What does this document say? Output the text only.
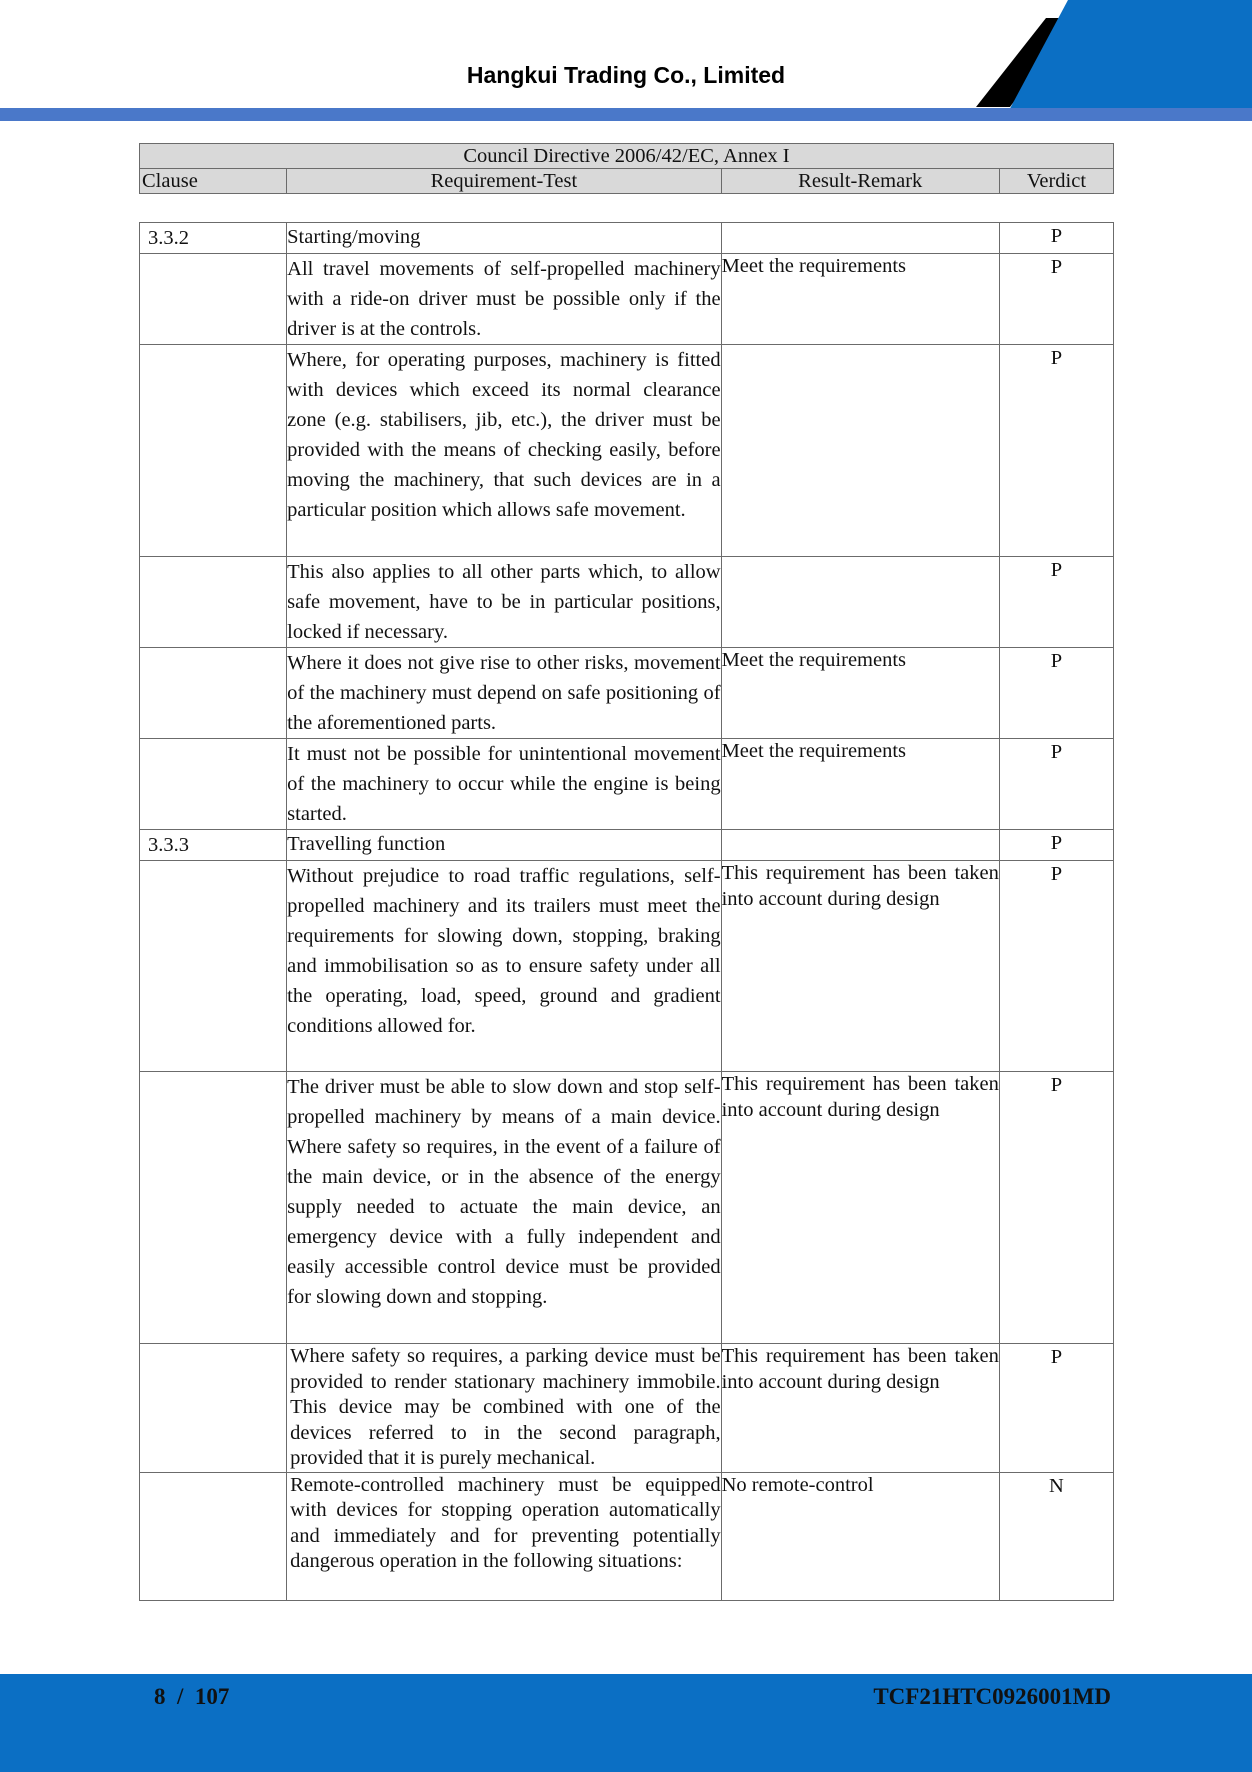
Hangkui Trading Co., Limited
Council Directive 2006/42/EC, Annex I
Clause	Requirement-Test	Result-Remark	Verdict
3.3.2	Starting/moving		P
	All travel movements of self-propelled machinery with a ride-on driver must be possible only if the driver is at the controls.	Meet the requirements	P
	Where, for operating purposes, machinery is fitted with devices which exceed its normal clearance zone (e.g. stabilisers, jib, etc.), the driver must be provided with the means of checking easily, before moving the machinery, that such devices are in a particular position which allows safe movement.		P
	This also applies to all other parts which, to allow safe movement, have to be in particular positions, locked if necessary.		P
	Where it does not give rise to other risks, movement of the machinery must depend on safe positioning of the aforementioned parts.	Meet the requirements	P
	It must not be possible for unintentional movement of the machinery to occur while the engine is being started.	Meet the requirements	P
3.3.3	Travelling function		P
	Without prejudice to road traffic regulations, self-propelled machinery and its trailers must meet the requirements for slowing down, stopping, braking and immobilisation so as to ensure safety under all the operating, load, speed, ground and gradient conditions allowed for.	This requirement has been taken into account during design	P
	The driver must be able to slow down and stop self-propelled machinery by means of a main device. Where safety so requires, in the event of a failure of the main device, or in the absence of the energy supply needed to actuate the main device, an emergency device with a fully independent and easily accessible control device must be provided for slowing down and stopping.	This requirement has been taken into account during design	P
	Where safety so requires, a parking device must be provided to render stationary machinery immobile. This device may be combined with one of the devices referred to in the second paragraph, provided that it is purely mechanical.	This requirement has been taken into account during design	P
	Remote-controlled machinery must be equipped with devices for stopping operation automatically and immediately and for preventing potentially dangerous operation in the following situations:	No remote-control	N
8  /  107	TCF21HTC0926001MD
